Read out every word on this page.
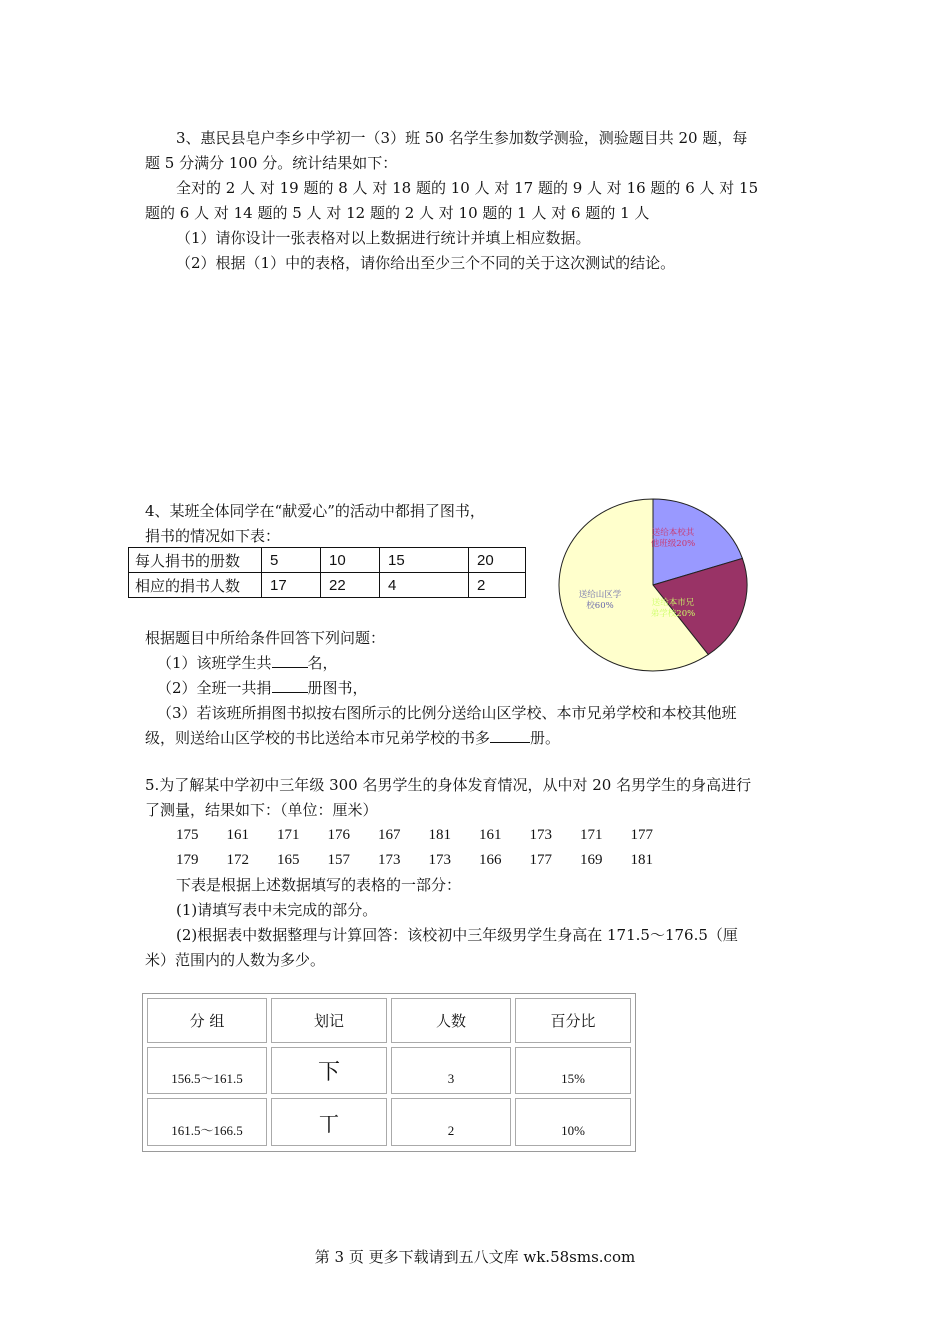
3、惠民县皂户李乡中学初一（3）班 50 名学生参加数学测验，测验题目共 20 题，每
题 5 分满分 100 分。统计结果如下：
全对的 2 人 对 19 题的 8 人 对 18 题的 10 人 对 17 题的 9 人 对 16 题的 6 人 对 15
题的 6 人 对 14 题的 5 人 对 12 题的 2 人 对 10 题的 1 人 对 6 题的 1 人
（1）请你设计一张表格对以上数据进行统计并填上相应数据。
（2）根据（1）中的表格，请你给出至少三个不同的关于这次测试的结论。
4、某班全体同学在“献爱心”的活动中都捐了图书，
捐书的情况如下表：
每人捐书的册数	5	10	15	20
相应的捐书人数	17	22	4	2
送给本校其
他班级20%
送给本市兄
弟学校20%
送给山区学
校60%
根据题目中所给条件回答下列问题：
（1）该班学生共 名，
（2）全班一共捐 册图书，
（3）若该班所捐图书拟按右图所示的比例分送给山区学校、本市兄弟学校和本校其他班
级，则送给山区学校的书比送给本市兄弟学校的书多	册。
5.为了解某中学初中三年级 300 名男学生的身体发育情况，从中对 20 名男学生的身高进行
了测量，结果如下：（单位：厘米）
175 161 171 176 167 181 161 173 171 177
179 172 165 157 173 173 166 177 169 181
下表是根据上述数据填写的表格的一部分：
(1)请填写表中未完成的部分。
(2)根据表中数据整理与计算回答：该校初中三年级男学生身高在 171.5～176.5（厘
米）范围内的人数为多少。
分 组	划记	人数	百分比
156.5～161.5	下	3	15%
161.5～166.5	丅	2	10%
第 3 页 更多下载请到五八文库 wk.58sms.com
